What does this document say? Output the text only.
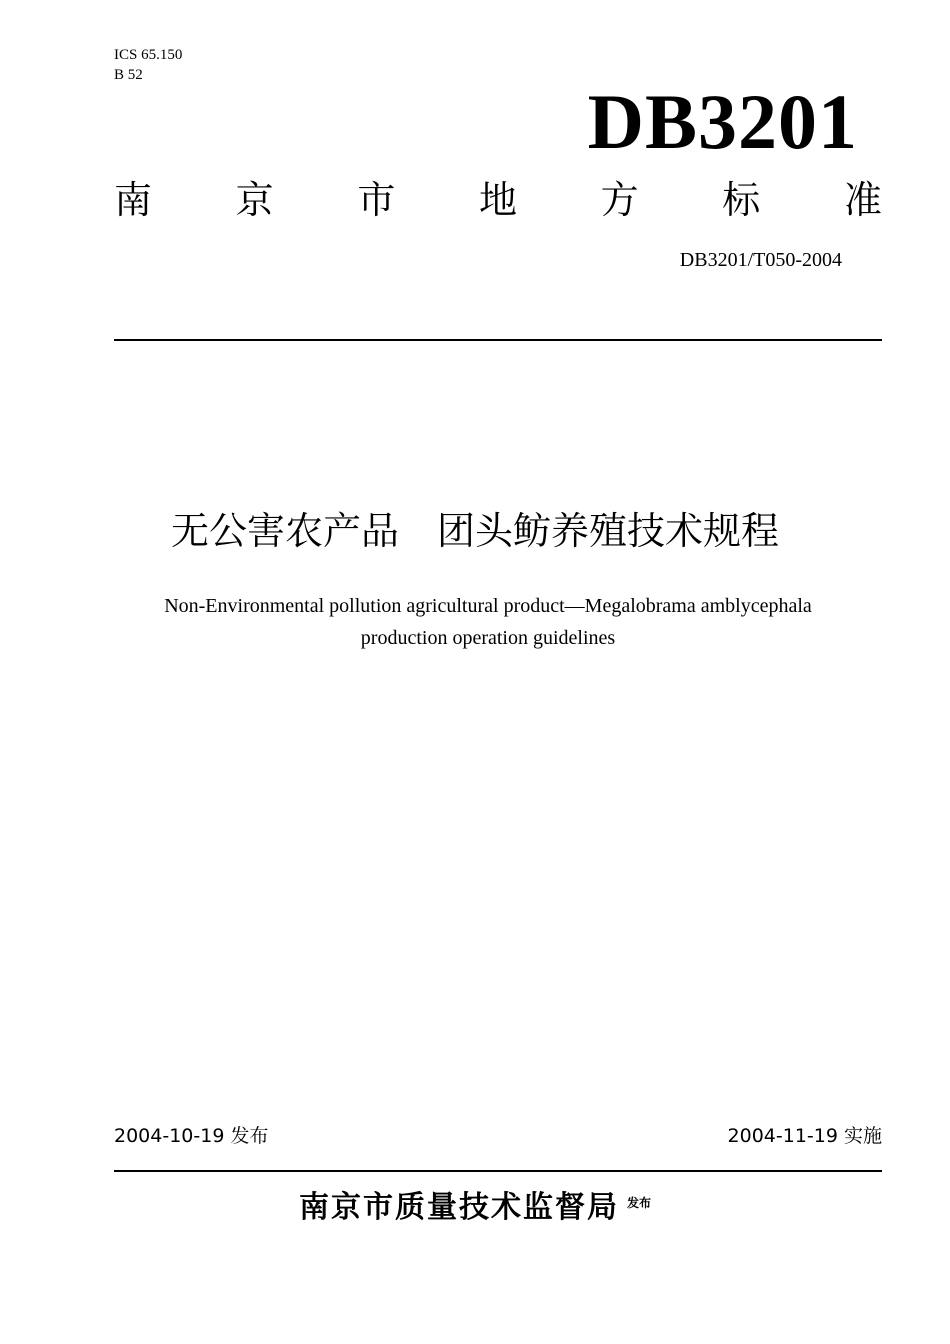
ICS 65.150
B 52
DB3201
南 京 市 地 方 标 准
DB3201/T050-2004
无公害农产品　团头鲂养殖技术规程
Non-Environmental pollution agricultural product—Megalobrama amblycephala
production operation guidelines
2004-10-19 发布	2004-11-19 实施
南京市质量技术监督局 $^{发布}$
